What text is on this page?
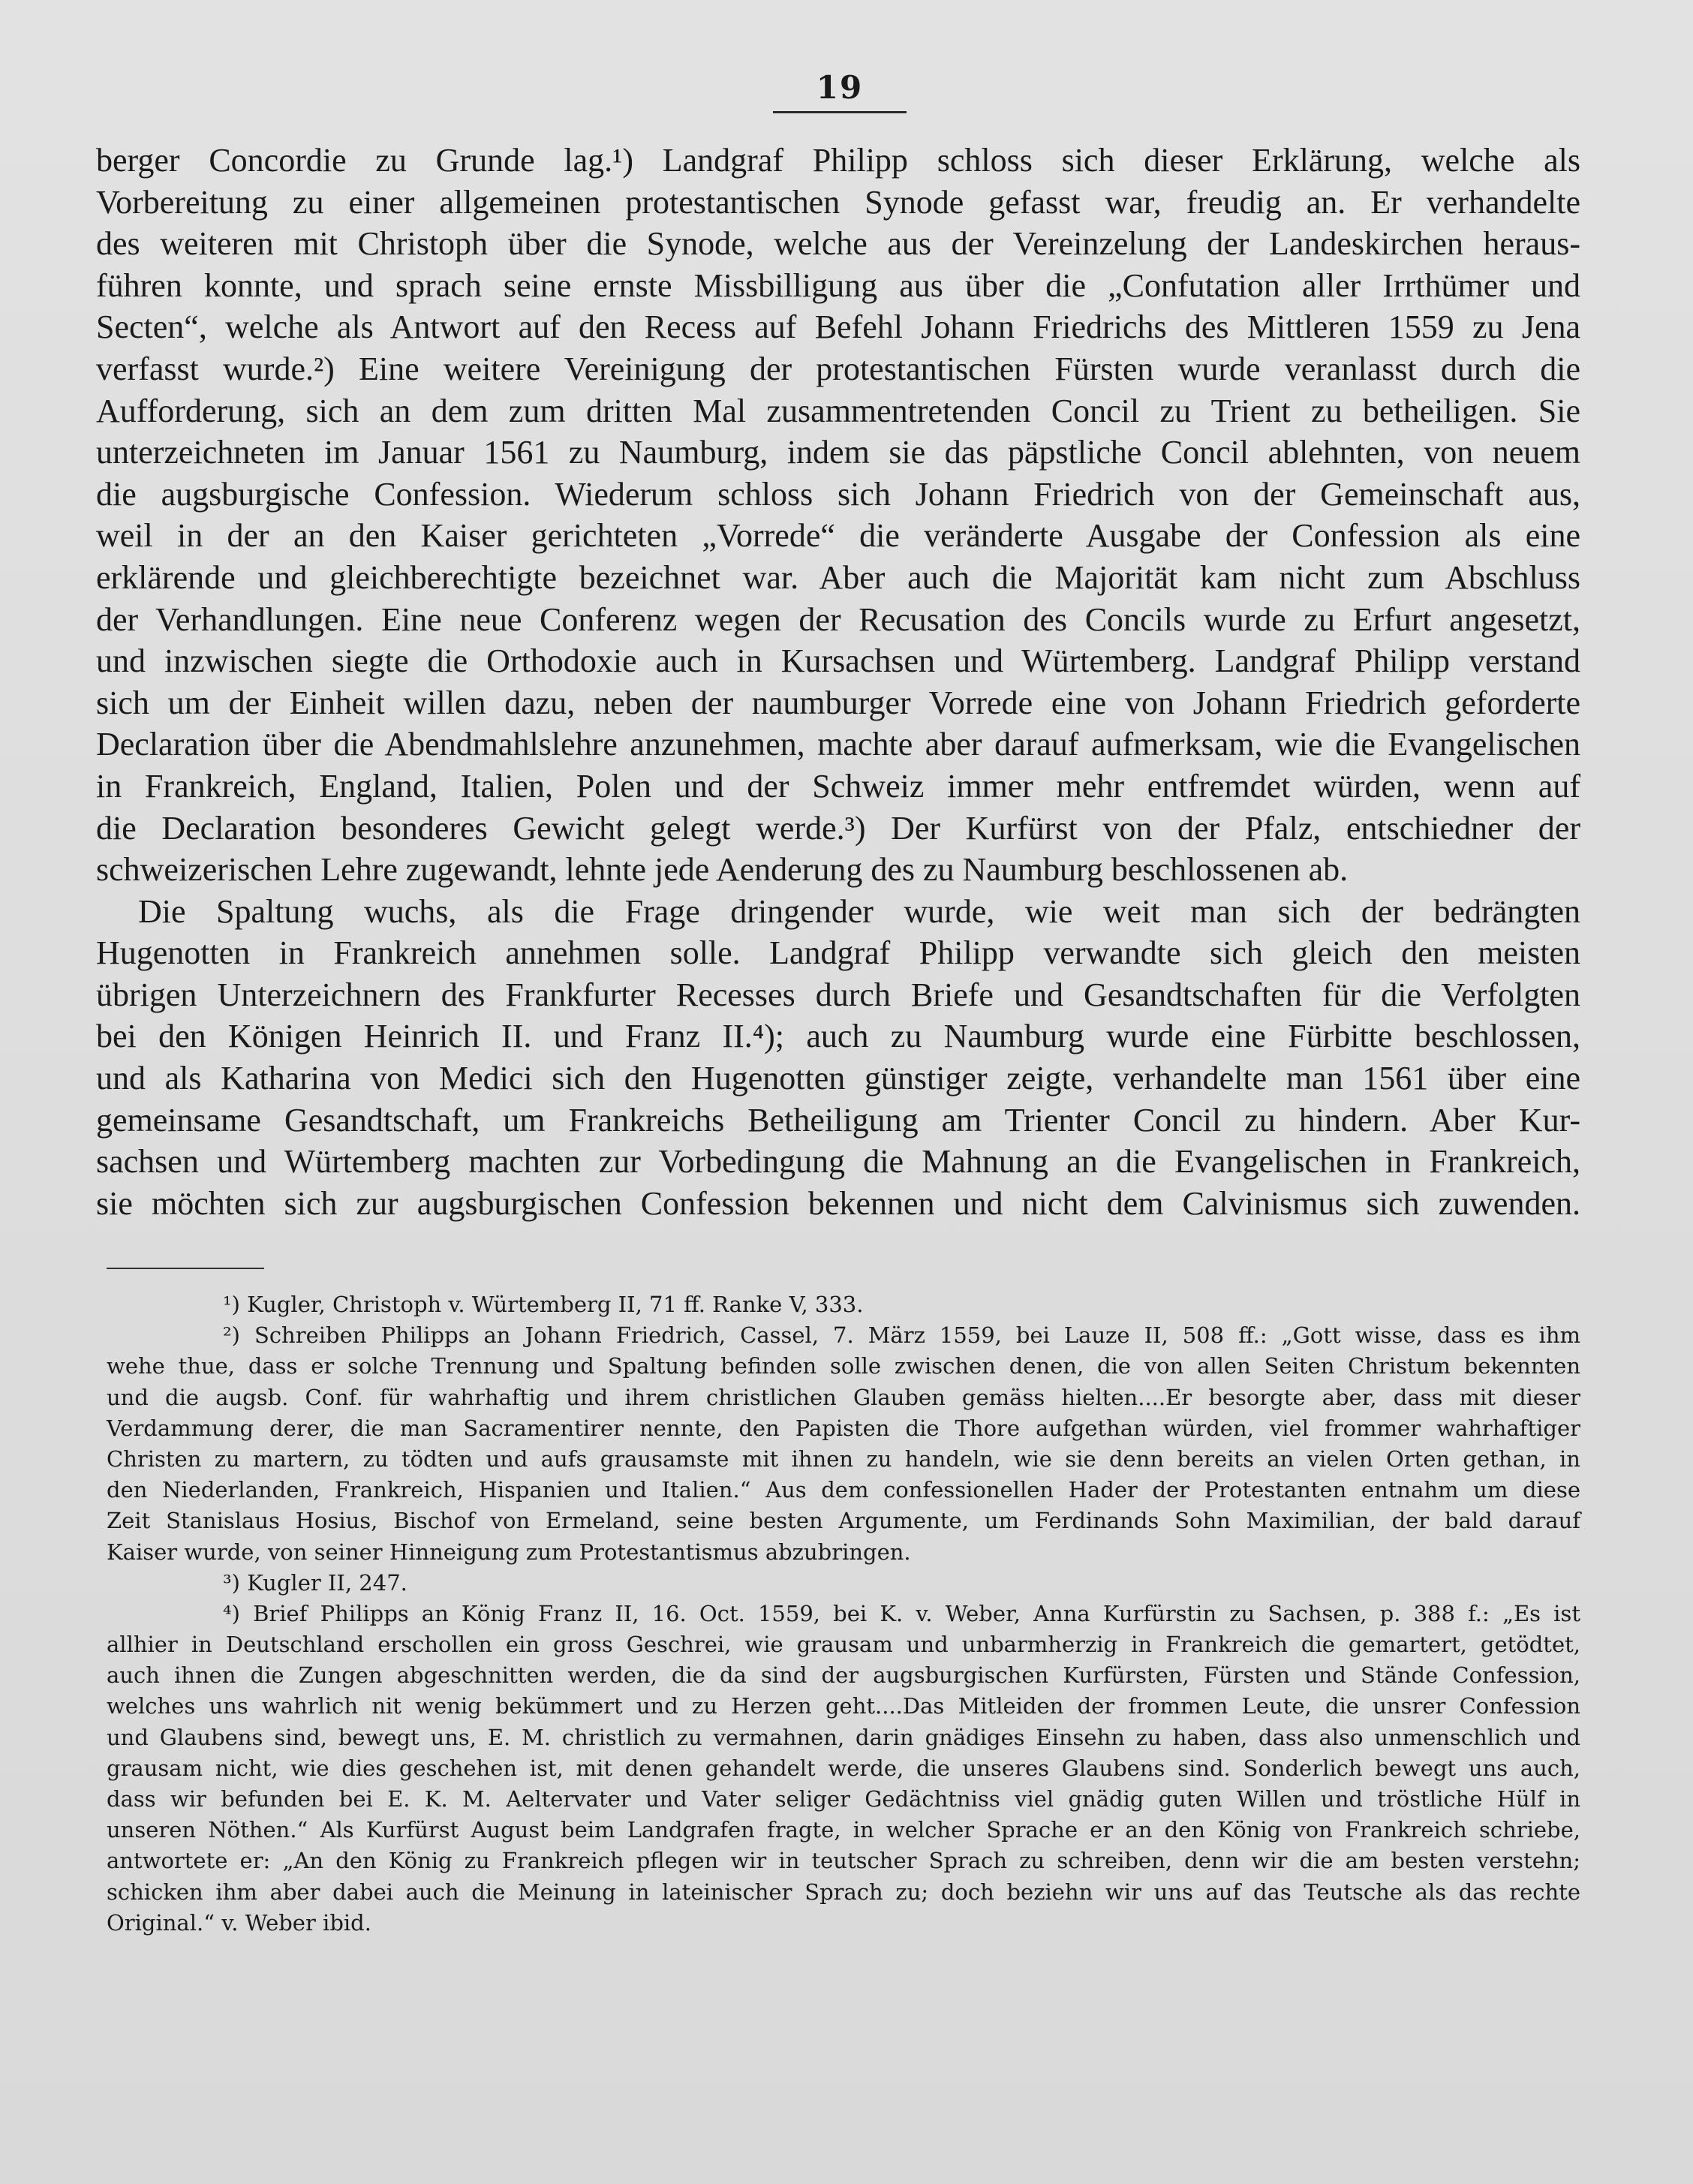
19
berger Concordie zu Grunde lag.¹) Landgraf Philipp schloss sich dieser Erklärung, welche als
Vorbereitung zu einer allgemeinen protestantischen Synode gefasst war, freudig an. Er verhandelte
des weiteren mit Christoph über die Synode, welche aus der Vereinzelung der Landeskirchen heraus-
führen konnte, und sprach seine ernste Missbilligung aus über die „Confutation aller Irrthümer und
Secten“, welche als Antwort auf den Recess auf Befehl Johann Friedrichs des Mittleren 1559 zu Jena
verfasst wurde.²) Eine weitere Vereinigung der protestantischen Fürsten wurde veranlasst durch die
Aufforderung, sich an dem zum dritten Mal zusammentretenden Concil zu Trient zu betheiligen. Sie
unterzeichneten im Januar 1561 zu Naumburg, indem sie das päpstliche Concil ablehnten, von neuem
die augsburgische Confession. Wiederum schloss sich Johann Friedrich von der Gemeinschaft aus,
weil in der an den Kaiser gerichteten „Vorrede“ die veränderte Ausgabe der Confession als eine
erklärende und gleichberechtigte bezeichnet war. Aber auch die Majorität kam nicht zum Abschluss
der Verhandlungen. Eine neue Conferenz wegen der Recusation des Concils wurde zu Erfurt angesetzt,
und inzwischen siegte die Orthodoxie auch in Kursachsen und Würtemberg. Landgraf Philipp verstand
sich um der Einheit willen dazu, neben der naumburger Vorrede eine von Johann Friedrich geforderte
Declaration über die Abendmahlslehre anzunehmen, machte aber darauf aufmerksam, wie die Evangelischen
in Frankreich, England, Italien, Polen und der Schweiz immer mehr entfremdet würden, wenn auf
die Declaration besonderes Gewicht gelegt werde.³) Der Kurfürst von der Pfalz, entschiedner der
schweizerischen Lehre zugewandt, lehnte jede Aenderung des zu Naumburg beschlossenen ab.
Die Spaltung wuchs, als die Frage dringender wurde, wie weit man sich der bedrängten
Hugenotten in Frankreich annehmen solle. Landgraf Philipp verwandte sich gleich den meisten
übrigen Unterzeichnern des Frankfurter Recesses durch Briefe und Gesandtschaften für die Verfolgten
bei den Königen Heinrich II. und Franz II.⁴); auch zu Naumburg wurde eine Fürbitte beschlossen,
und als Katharina von Medici sich den Hugenotten günstiger zeigte, verhandelte man 1561 über eine
gemeinsame Gesandtschaft, um Frankreichs Betheiligung am Trienter Concil zu hindern. Aber Kur-
sachsen und Würtemberg machten zur Vorbedingung die Mahnung an die Evangelischen in Frankreich,
sie möchten sich zur augsburgischen Confession bekennen und nicht dem Calvinismus sich zuwenden.
¹) Kugler, Christoph v. Würtemberg II, 71 ff. Ranke V, 333.
²) Schreiben Philipps an Johann Friedrich, Cassel, 7. März 1559, bei Lauze II, 508 ff.: „Gott wisse, dass es ihm
wehe thue, dass er solche Trennung und Spaltung befinden solle zwischen denen, die von allen Seiten Christum bekennten
und die augsb. Conf. für wahrhaftig und ihrem christlichen Glauben gemäss hielten....Er besorgte aber, dass mit dieser
Verdammung derer, die man Sacramentirer nennte, den Papisten die Thore aufgethan würden, viel frommer wahrhaftiger
Christen zu martern, zu tödten und aufs grausamste mit ihnen zu handeln, wie sie denn bereits an vielen Orten gethan, in
den Niederlanden, Frankreich, Hispanien und Italien.“ Aus dem confessionellen Hader der Protestanten entnahm um diese
Zeit Stanislaus Hosius, Bischof von Ermeland, seine besten Argumente, um Ferdinands Sohn Maximilian, der bald darauf
Kaiser wurde, von seiner Hinneigung zum Protestantismus abzubringen.
³) Kugler II, 247.
⁴) Brief Philipps an König Franz II, 16. Oct. 1559, bei K. v. Weber, Anna Kurfürstin zu Sachsen, p. 388 f.: „Es ist
allhier in Deutschland erschollen ein gross Geschrei, wie grausam und unbarmherzig in Frankreich die gemartert, getödtet,
auch ihnen die Zungen abgeschnitten werden, die da sind der augsburgischen Kurfürsten, Fürsten und Stände Confession,
welches uns wahrlich nit wenig bekümmert und zu Herzen geht....Das Mitleiden der frommen Leute, die unsrer Confession
und Glaubens sind, bewegt uns, E. M. christlich zu vermahnen, darin gnädiges Einsehn zu haben, dass also unmenschlich und
grausam nicht, wie dies geschehen ist, mit denen gehandelt werde, die unseres Glaubens sind. Sonderlich bewegt uns auch,
dass wir befunden bei E. K. M. Aeltervater und Vater seliger Gedächtniss viel gnädig guten Willen und tröstliche Hülf in
unseren Nöthen.“ Als Kurfürst August beim Landgrafen fragte, in welcher Sprache er an den König von Frankreich schriebe,
antwortete er: „An den König zu Frankreich pflegen wir in teutscher Sprach zu schreiben, denn wir die am besten verstehn;
schicken ihm aber dabei auch die Meinung in lateinischer Sprach zu; doch beziehn wir uns auf das Teutsche als das rechte
Original.“ v. Weber ibid.
